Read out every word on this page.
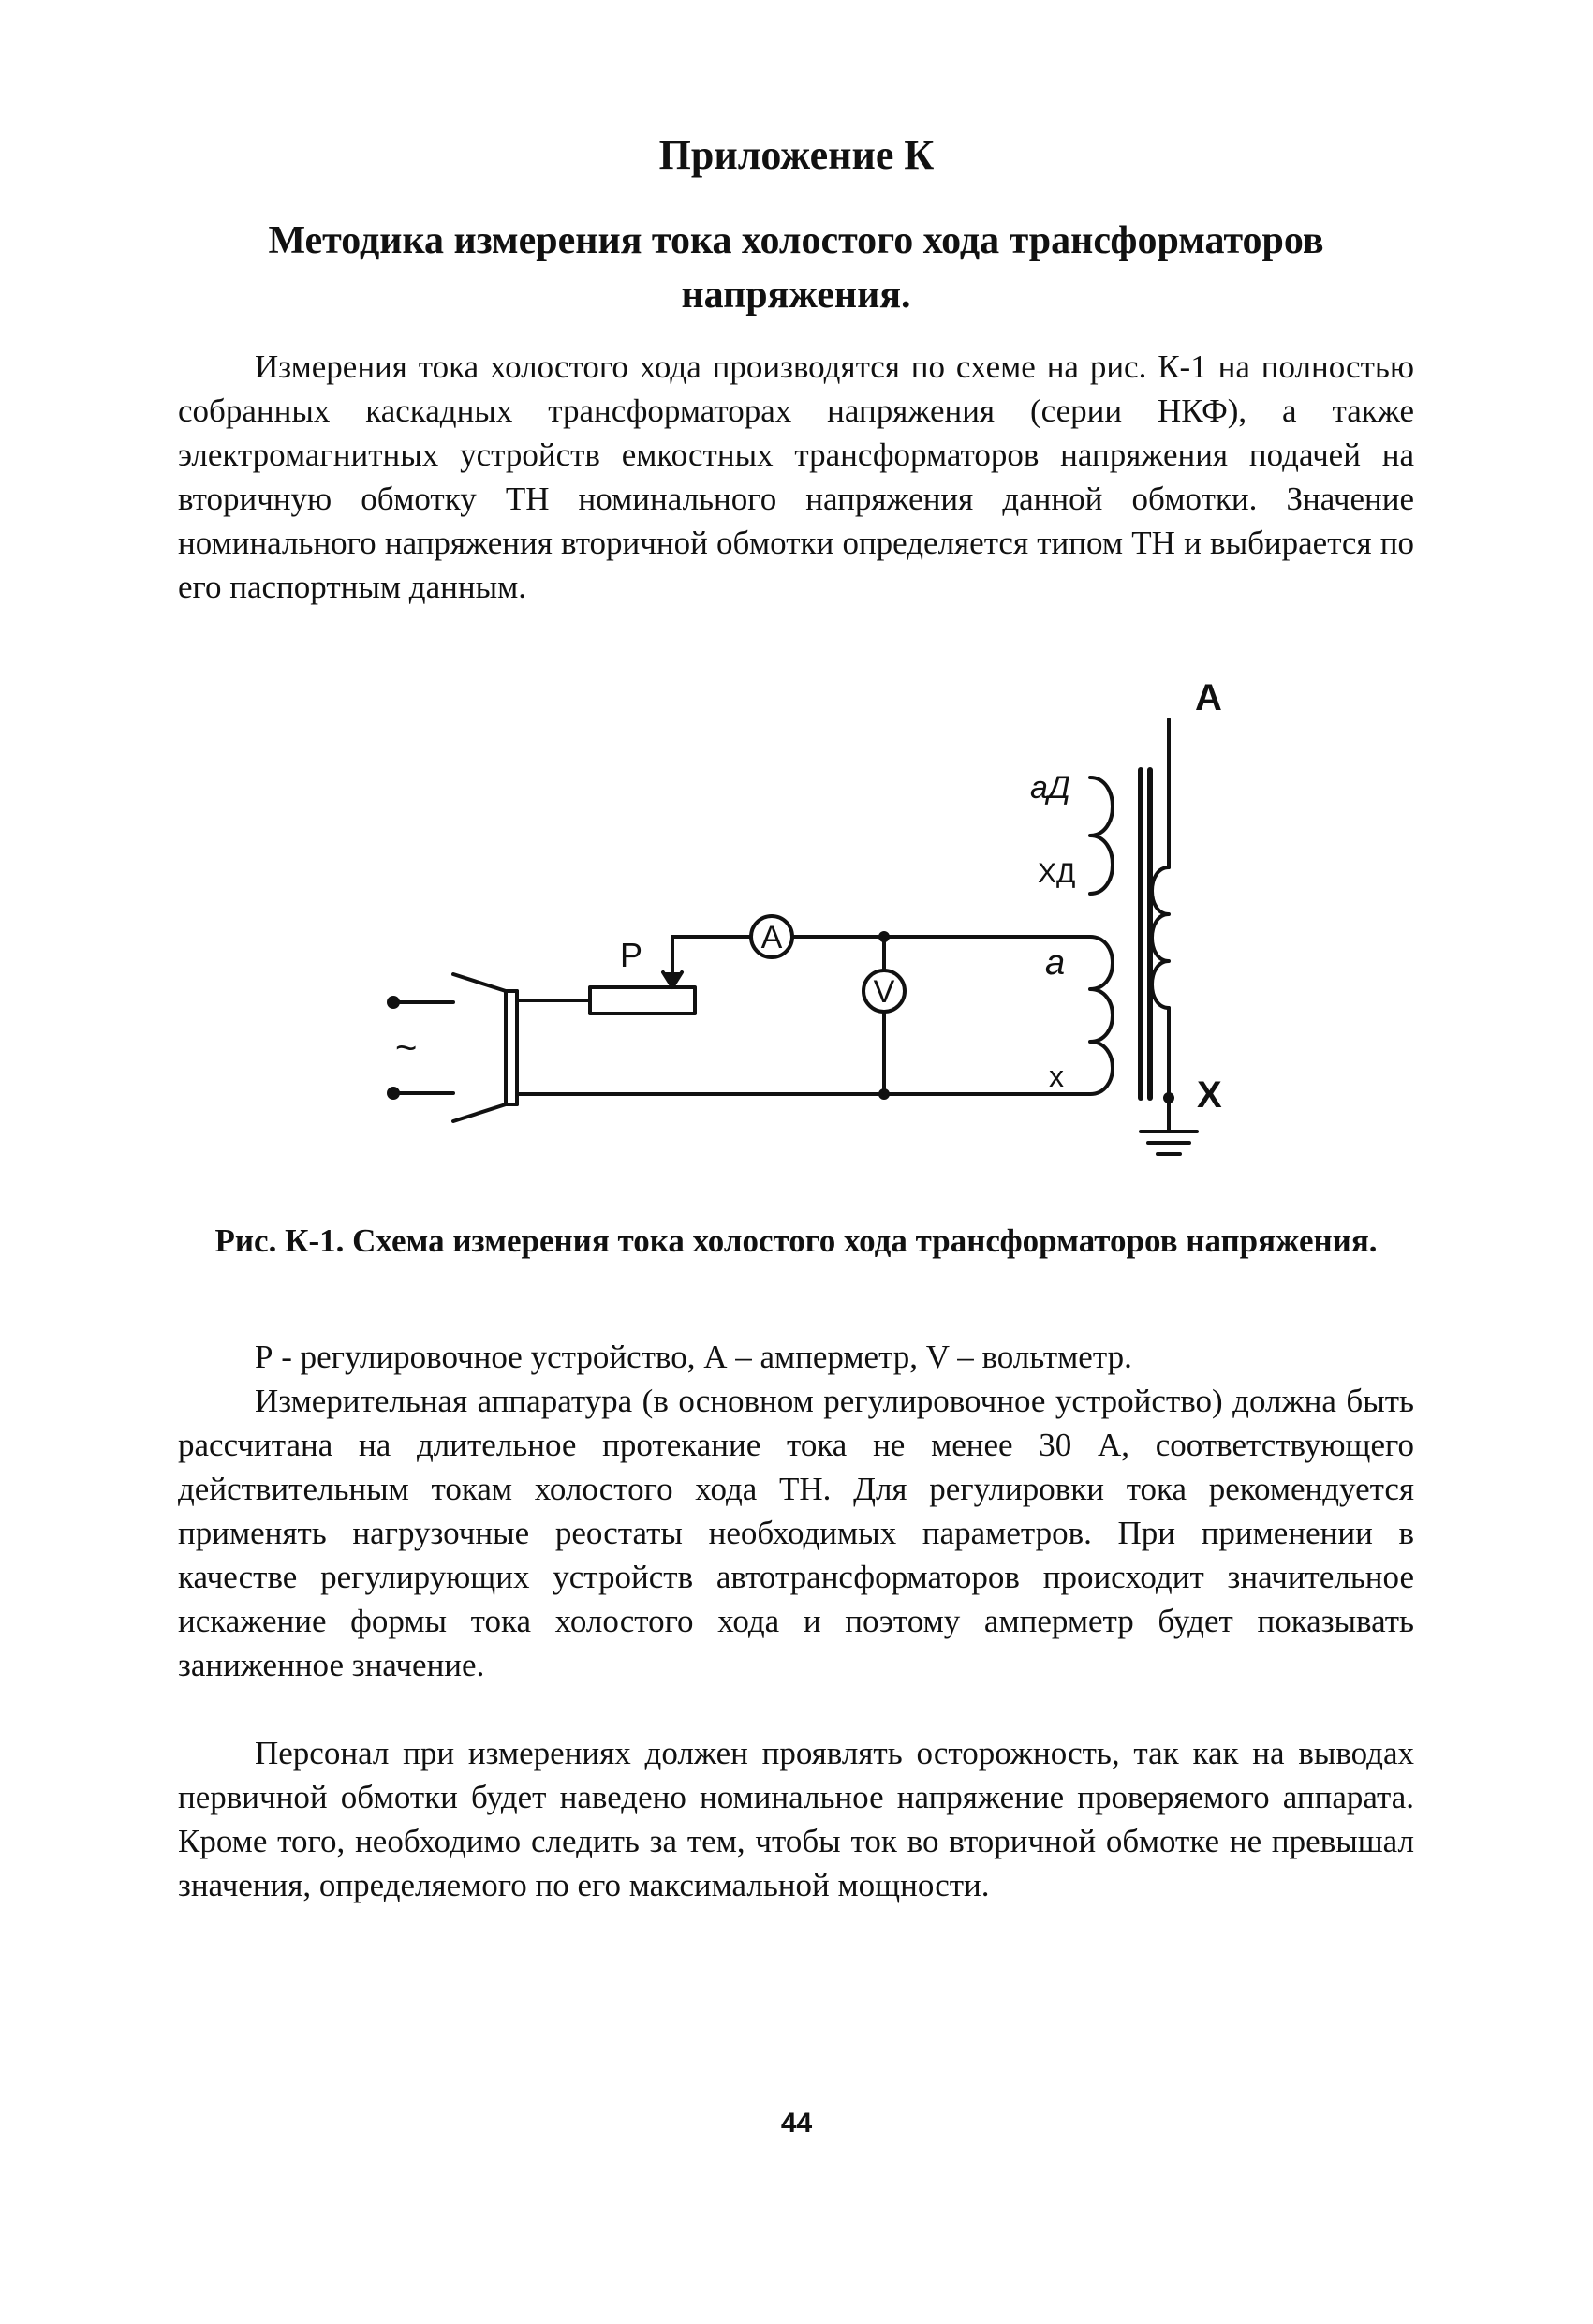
Приложение К
Методика измерения тока холостого хода трансформаторов напряжения.

Измерения тока холостого хода производятся по схеме на рис. К-1 на полностью собранных каскадных трансформаторах напряжения (серии НКФ), а также электромагнитных устройств емкостных трансформаторов напряжения подачей на вторичную обмотку ТН номинального напряжения данной обмотки. Значение номинального напряжения вторичной обмотки определяется типом ТН и выбирается по его паспортным данным.

~
Р	А
V
а
х
аД
ХД
А
Х

Рис. К-1. Схема измерения тока холостого хода трансформаторов напряжения.

Р - регулировочное устройство, А – амперметр, V – вольтметр.

Измерительная аппаратура (в основном регулировочное устройство) должна быть рассчитана на длительное протекание тока не менее 30 А, соответствующего действительным токам холостого хода ТН. Для регулировки тока рекомендуется применять нагрузочные реостаты необходимых параметров. При применении в качестве регулирующих устройств автотрансформаторов происходит значительное искажение формы тока холостого хода и поэтому амперметр будет показывать заниженное значение.

Персонал при измерениях должен проявлять осторожность, так как на выводах первичной обмотки будет наведено номинальное напряжение проверяемого аппарата. Кроме того, необходимо следить за тем, чтобы ток во вторичной обмотке не превышал значения, определяемого по его максимальной мощности.

44
